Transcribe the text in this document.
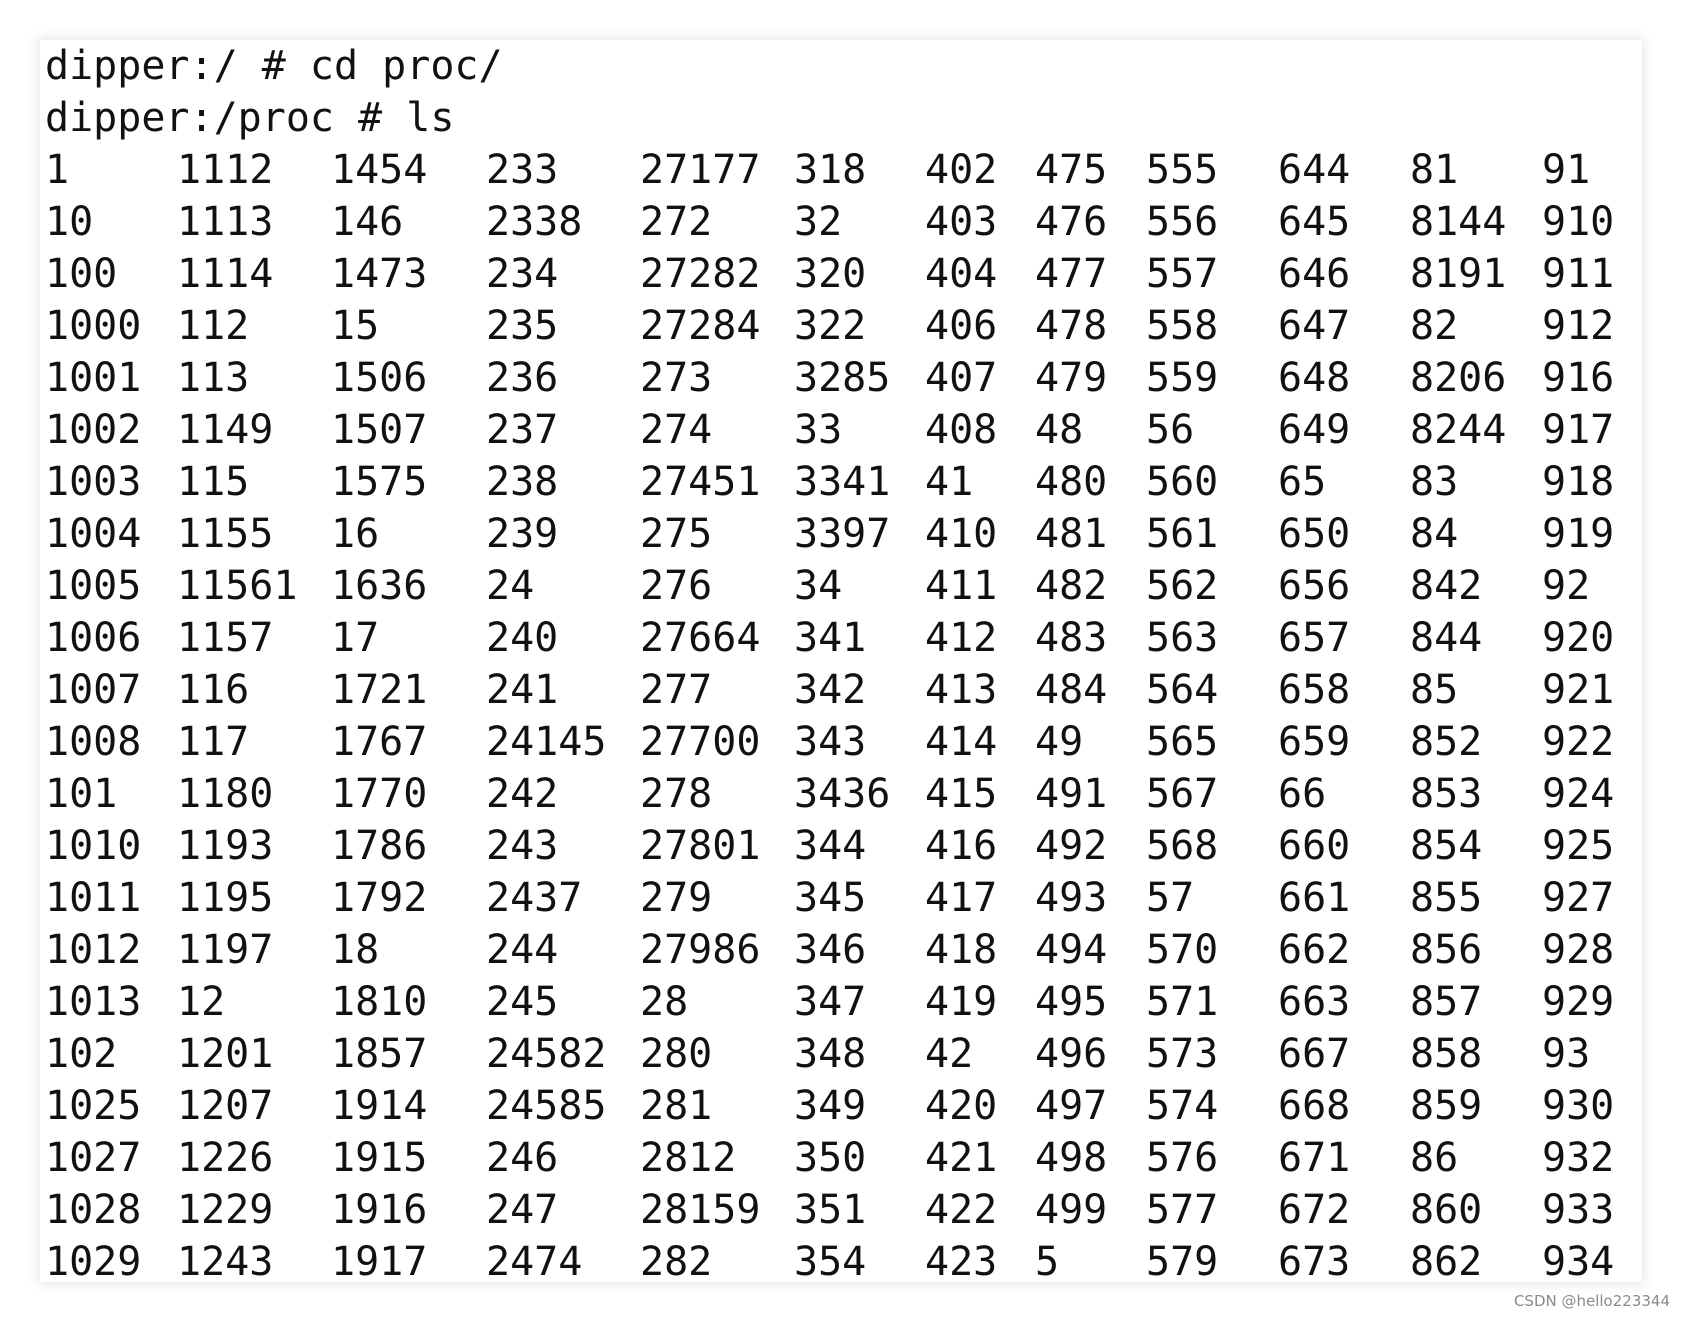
dipper:/ # cd proc/
dipper:/proc # ls
1	1112 1454 233 27177 318 402 475 555 644 81 91
10 1113 146 2338 272 32 403 476 556 645 8144 910
100 1114 1473 234 27282 320 404 477 557 646 8191 911
1000 112 15	235 27284 322 406 478 558 647 82 912
1001 113 1506 236 273 3285 407 479 559 648 8206 916
1002 1149 1507 237 274 33 408 48 56 649 8244 917
1003 115 1575 238 27451 3341 41 480 560 65 83 918
1004 1155 16	239 275 3397 410 481 561 650 84 919
1005 11561 1636 24	276 34 411 482 562 656 842 92
1006 1157 17	240 27664 341 412 483 563 657 844 920
1007 116 1721 241 277 342 413 484 564 658 85 921
1008 117 1767 24145 27700 343 414 49 565 659 852 922
101 1180 1770 242 278 3436 415 491 567 66 853 924
1010 1193 1786 243 27801 344 416 492 568 660 854 925
1011 1195 1792 2437 279 345 417 493 57 661 855 927
1012 1197 18	244 27986 346 418 494 570 662 856 928
1013 12	1810 245 28	347 419 495 571 663 857 929
102 1201 1857 24582 280 348 42 496 573 667 858 93
1025 1207 1914 24585 281 349 420 497 574 668 859 930
1027 1226 1915 246 2812 350 421 498 576 671 86 932
1028 1229 1916 247 28159 351 422 499 577 672 860 933
1029 1243 1917 2474 282 354 423 5 579 673 862 934
CSDN @hello223344
